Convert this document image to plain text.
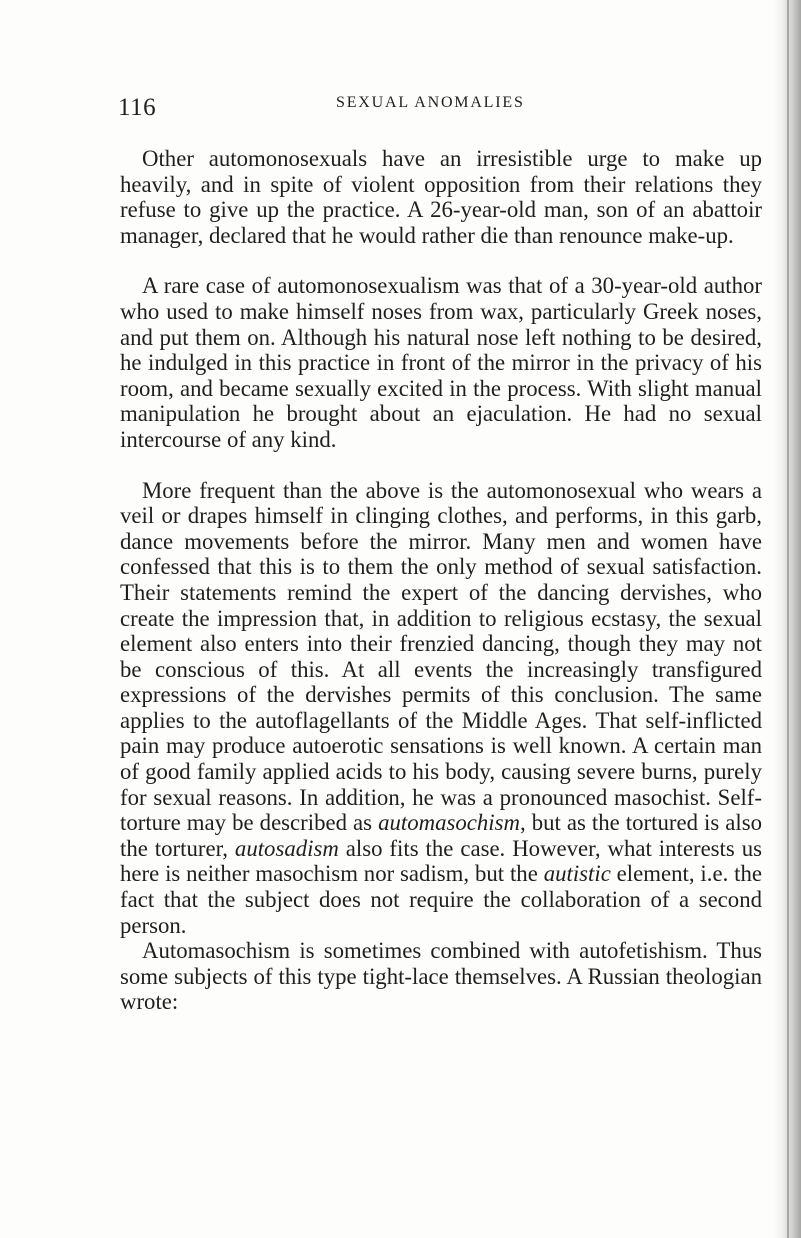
116	SEXUAL ANOMALIES

Other automonosexuals have an irresistible urge to make up heavily, and in spite of violent opposition from their relations they refuse to give up the practice. A 26-year-old man, son of an abattoir manager, declared that he would rather die than renounce make-up.

A rare case of automonosexualism was that of a 30-year-old author who used to make himself noses from wax, particularly Greek noses, and put them on. Although his natural nose left nothing to be desired, he indulged in this practice in front of the mirror in the privacy of his room, and became sexually excited in the process. With slight manual manipulation he brought about an ejaculation. He had no sexual intercourse of any kind.

More frequent than the above is the automonosexual who wears a veil or drapes himself in clinging clothes, and performs, in this garb, dance movements before the mirror. Many men and women have confessed that this is to them the only method of sexual satisfaction. Their statements remind the expert of the dancing dervishes, who create the impression that, in addition to religious ecstasy, the sexual element also enters into their frenzied dancing, though they may not be conscious of this. At all events the increasingly transfigured expressions of the dervishes permits of this conclusion. The same applies to the autoflagellants of the Middle Ages. That self-inflicted pain may produce autoerotic sensations is well known. A certain man of good family applied acids to his body, causing severe burns, purely for sexual reasons. In addition, he was a pronounced masochist. Self-torture may be described as automasochism, but as the tortured is also the torturer, autosadism also fits the case. However, what interests us here is neither masochism nor sadism, but the autistic element, i.e. the fact that the subject does not require the collaboration of a second person.

Automasochism is sometimes combined with autofetishism. Thus some subjects of this type tight-lace themselves. A Russian theologian wrote:
